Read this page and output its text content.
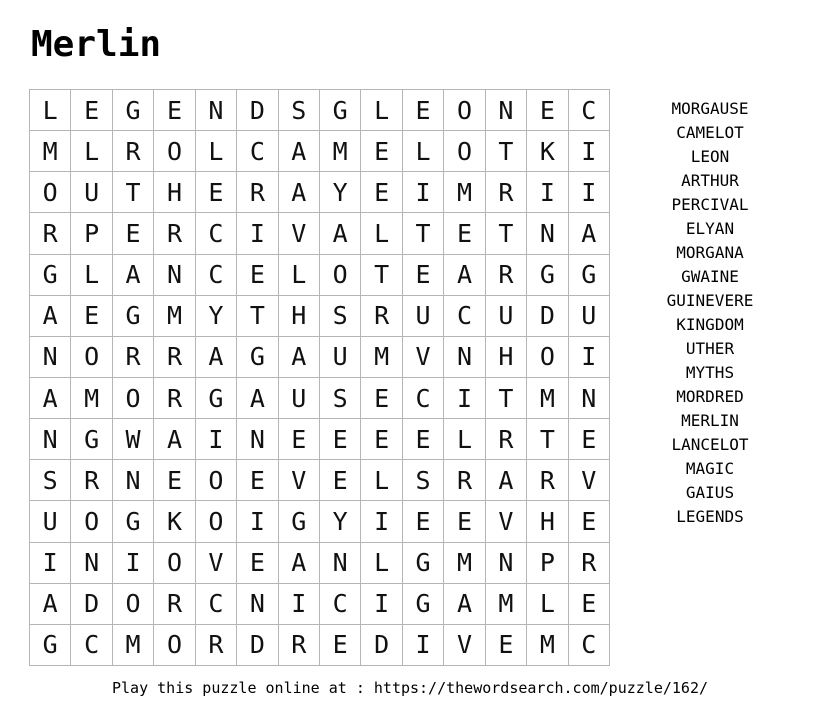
Merlin
L	E	G	E	N	D	S	G	L	E	O	N	E	C
M	L	R	O	L	C	A	M	E	L	O	T	K	I
O	U	T	H	E	R	A	Y	E	I	M	R	I	I
R	P	E	R	C	I	V	A	L	T	E	T	N	A
G	L	A	N	C	E	L	O	T	E	A	R	G	G
A	E	G	M	Y	T	H	S	R	U	C	U	D	U
N	O	R	R	A	G	A	U	M	V	N	H	O	I
A	M	O	R	G	A	U	S	E	C	I	T	M	N
N	G	W	A	I	N	E	E	E	E	L	R	T	E
S	R	N	E	O	E	V	E	L	S	R	A	R	V
U	O	G	K	O	I	G	Y	I	E	E	V	H	E
I	N	I	O	V	E	A	N	L	G	M	N	P	R
A	D	O	R	C	N	I	C	I	G	A	M	L	E
G	C	M	O	R	D	R	E	D	I	V	E	M	C
MORGAUSE
CAMELOT
LEON
ARTHUR
PERCIVAL
ELYAN
MORGANA
GWAINE
GUINEVERE
KINGDOM
UTHER
MYTHS
MORDRED
MERLIN
LANCELOT
MAGIC
GAIUS
LEGENDS
Play this puzzle online at : https://thewordsearch.com/puzzle/162/
